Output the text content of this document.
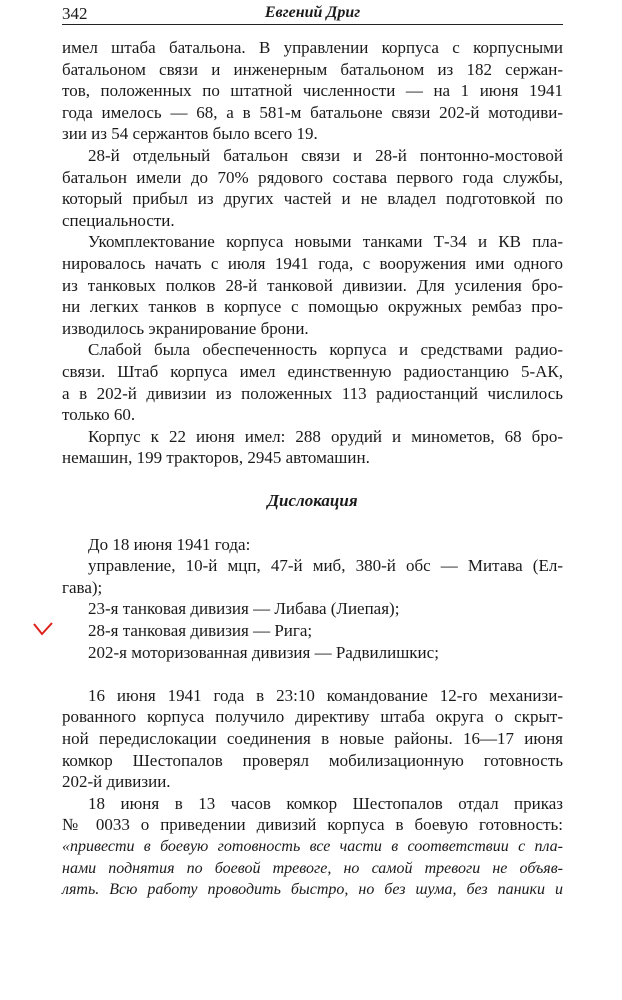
342	Евгений Дриг
имел штаба батальона. В управлении корпуса с корпусными
батальоном связи и инженерным батальоном из 182 сержан-
тов, положенных по штатной численности — на 1 июня 1941
года имелось — 68, а в 581-м батальоне связи 202-й мотодиви-
зии из 54 сержантов было всего 19.
28-й отдельный батальон связи и 28-й понтонно-мостовой
батальон имели до 70% рядового состава первого года службы,
который прибыл из других частей и не владел подготовкой по
специальности.
Укомплектование корпуса новыми танками Т-34 и КВ пла-
нировалось начать с июля 1941 года, с вооружения ими одного
из танковых полков 28-й танковой дивизии. Для усиления бро-
ни легких танков в корпусе с помощью окружных рембаз про-
изводилось экранирование брони.
Слабой была обеспеченность корпуса и средствами радио-
связи. Штаб корпуса имел единственную радиостанцию 5-АК,
а в 202-й дивизии из положенных 113 радиостанций числилось
только 60.
Корпус к 22 июня имел: 288 орудий и минометов, 68 бро-
немашин, 199 тракторов, 2945 автомашин.
Дислокация
До 18 июня 1941 года:
управление, 10-й мцп, 47-й миб, 380-й обс — Митава (Ел-
гава);
23-я танковая дивизия — Либава (Лиепая);
28-я танковая дивизия — Рига;
202-я моторизованная дивизия — Радвилишкис;
16 июня 1941 года в 23:10 командование 12-го механизи-
рованного корпуса получило директиву штаба округа о скрыт-
ной передислокации соединения в новые районы. 16—17 июня
комкор Шестопалов проверял мобилизационную готовность
202-й дивизии.
18 июня в 13 часов комкор Шестопалов отдал приказ
№ 0033 о приведении дивизий корпуса в боевую готовность:
«привести в боевую готовность все части в соответствии с пла-
нами поднятия по боевой тревоге, но самой тревоги не объяв-
лять. Всю работу проводить быстро, но без шума, без паники и
